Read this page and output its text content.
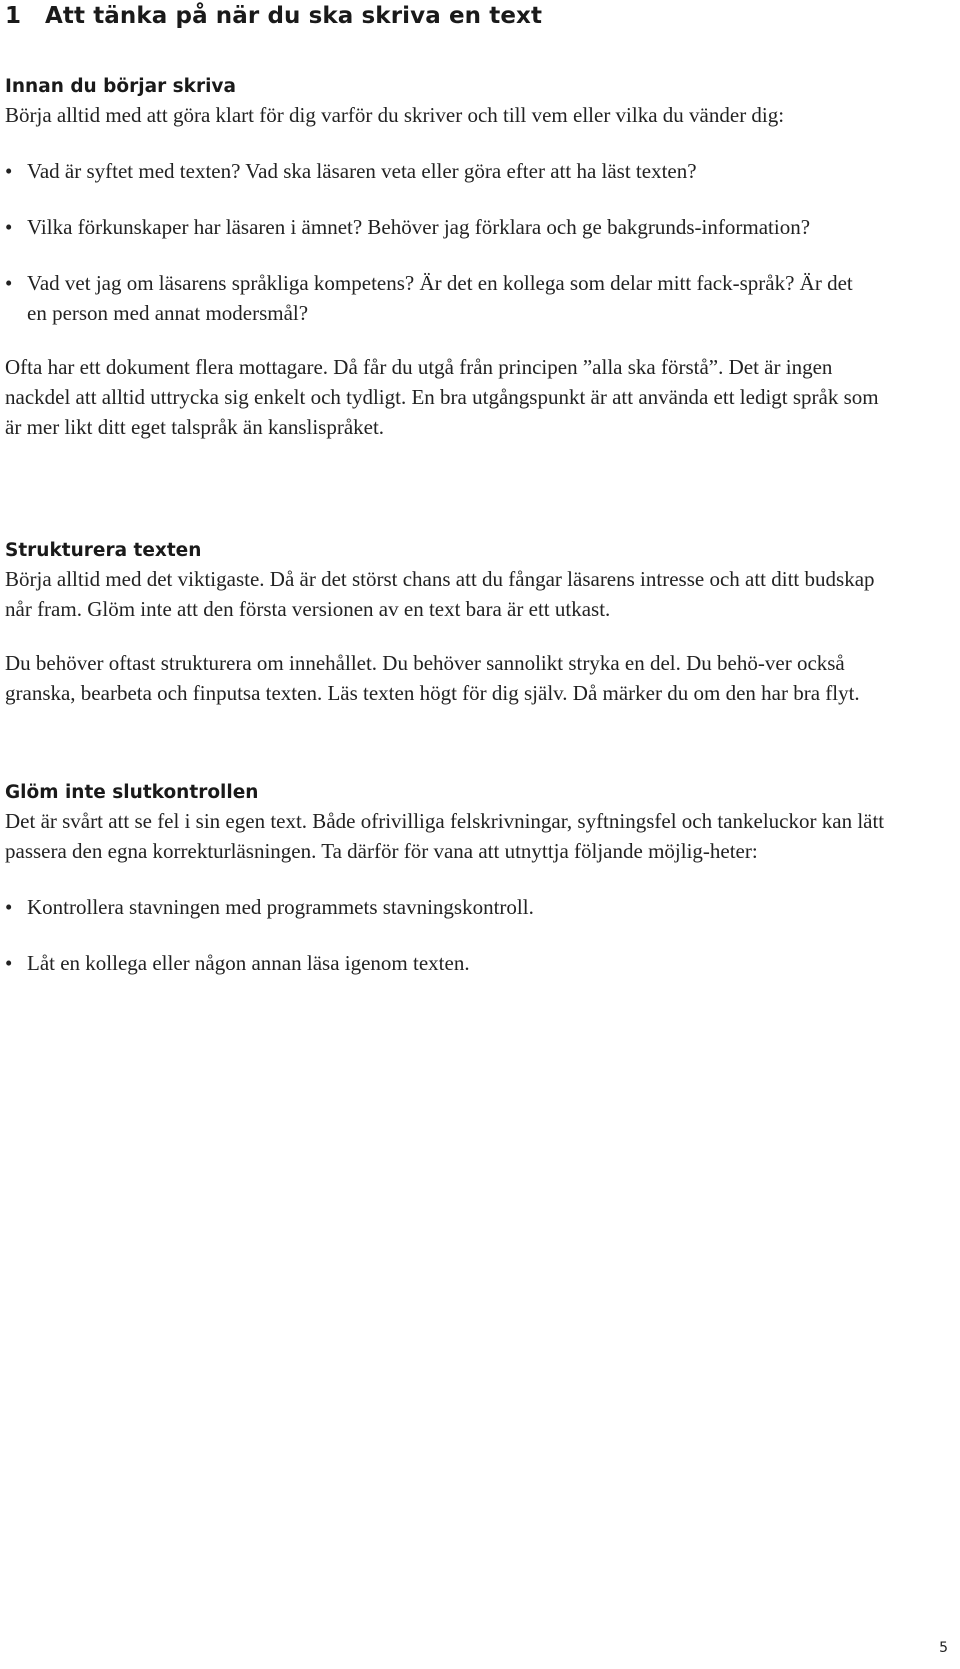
1 Att tänka på när du ska skriva en text
Innan du börjar skriva

Börja alltid med att göra klart för dig varför du skriver och till vem eller vilka du vänder dig:

• Vad är syftet med texten? Vad ska läsaren veta eller göra efter att ha läst texten?
• Vilka förkunskaper har läsaren i ämnet? Behöver jag förklara och ge bakgrunds-information?
• Vad vet jag om läsarens språkliga kompetens? Är det en kollega som delar mitt fack-språk? Är det en person med annat modersmål?

Ofta har ett dokument flera mottagare. Då får du utgå från principen ”alla ska förstå”. Det är ingen nackdel att alltid uttrycka sig enkelt och tydligt. En bra utgångspunkt är att använda ett ledigt språk som är mer likt ditt eget talspråk än kanslispråket.

Strukturera texten

Börja alltid med det viktigaste. Då är det störst chans att du fångar läsarens intresse och att ditt budskap når fram. Glöm inte att den första versionen av en text bara är ett utkast.

Du behöver oftast strukturera om innehållet. Du behöver sannolikt stryka en del. Du behö-ver också granska, bearbeta och finputsa texten. Läs texten högt för dig själv. Då märker du om den har bra flyt.

Glöm inte slutkontrollen

Det är svårt att se fel i sin egen text. Både ofrivilliga felskrivningar, syftningsfel och tankeluckor kan lätt passera den egna korrekturläsningen. Ta därför för vana att utnyttja följande möjlig-heter:

• Kontrollera stavningen med programmets stavningskontroll.
• Låt en kollega eller någon annan läsa igenom texten.
5
